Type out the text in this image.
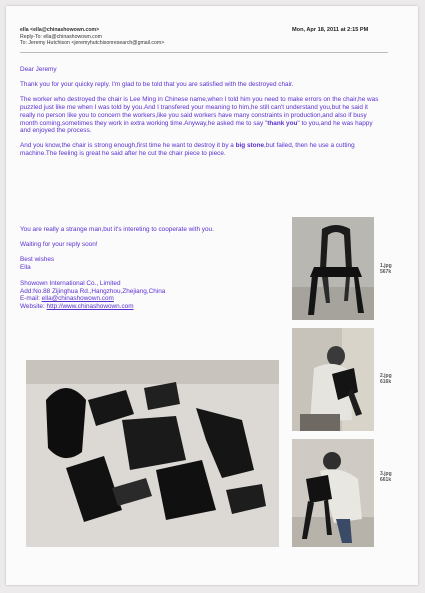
ella <ella@chinashowown.com>
Reply-To: ella@chinashowown.com
To: Jeremy Hutchison <jeremyhutchisonresearch@gmail.com>
Mon, Apr 18, 2011 at 2:15 PM

Dear Jeremy

Thank you for your quicky reply. I'm glad to be told that you are satisfied with the destroyed chair.

The worker who destroyed the chair is Lee Ming in Chinese name,when I told him you need to make errors on the chair,he was puzzled just like me when I was told by you.And I transfered your meaning to him,he still can't understand you,but he said it really no person like you to concern the workers,like you said workers have many constraints in production,and also if busy month coming,sometimes they work in extra working time.Anyway,he asked me to say "thank you" to you,and he was happy and enjoyed the process.

And you know,the chair is strong enough,first time he want to destroy it by a big stone,but failed, then he use a cutting machine.The feeling is great he said after he cut the chair piece to piece.

You are really a strange man,but it's intereting to cooperate with you.

Waiting for your reply soon!

Best wishes
Ella
Showown International Co., Limited
Add:No.88 Zijinghua Rd.,Hangzhou,Zhejiang,China
E-mail: ella@chinashowown.com
Website: http://www.chinashowown.com
1.jpg
567k
2.jpg
616k
3.jpg
661k
